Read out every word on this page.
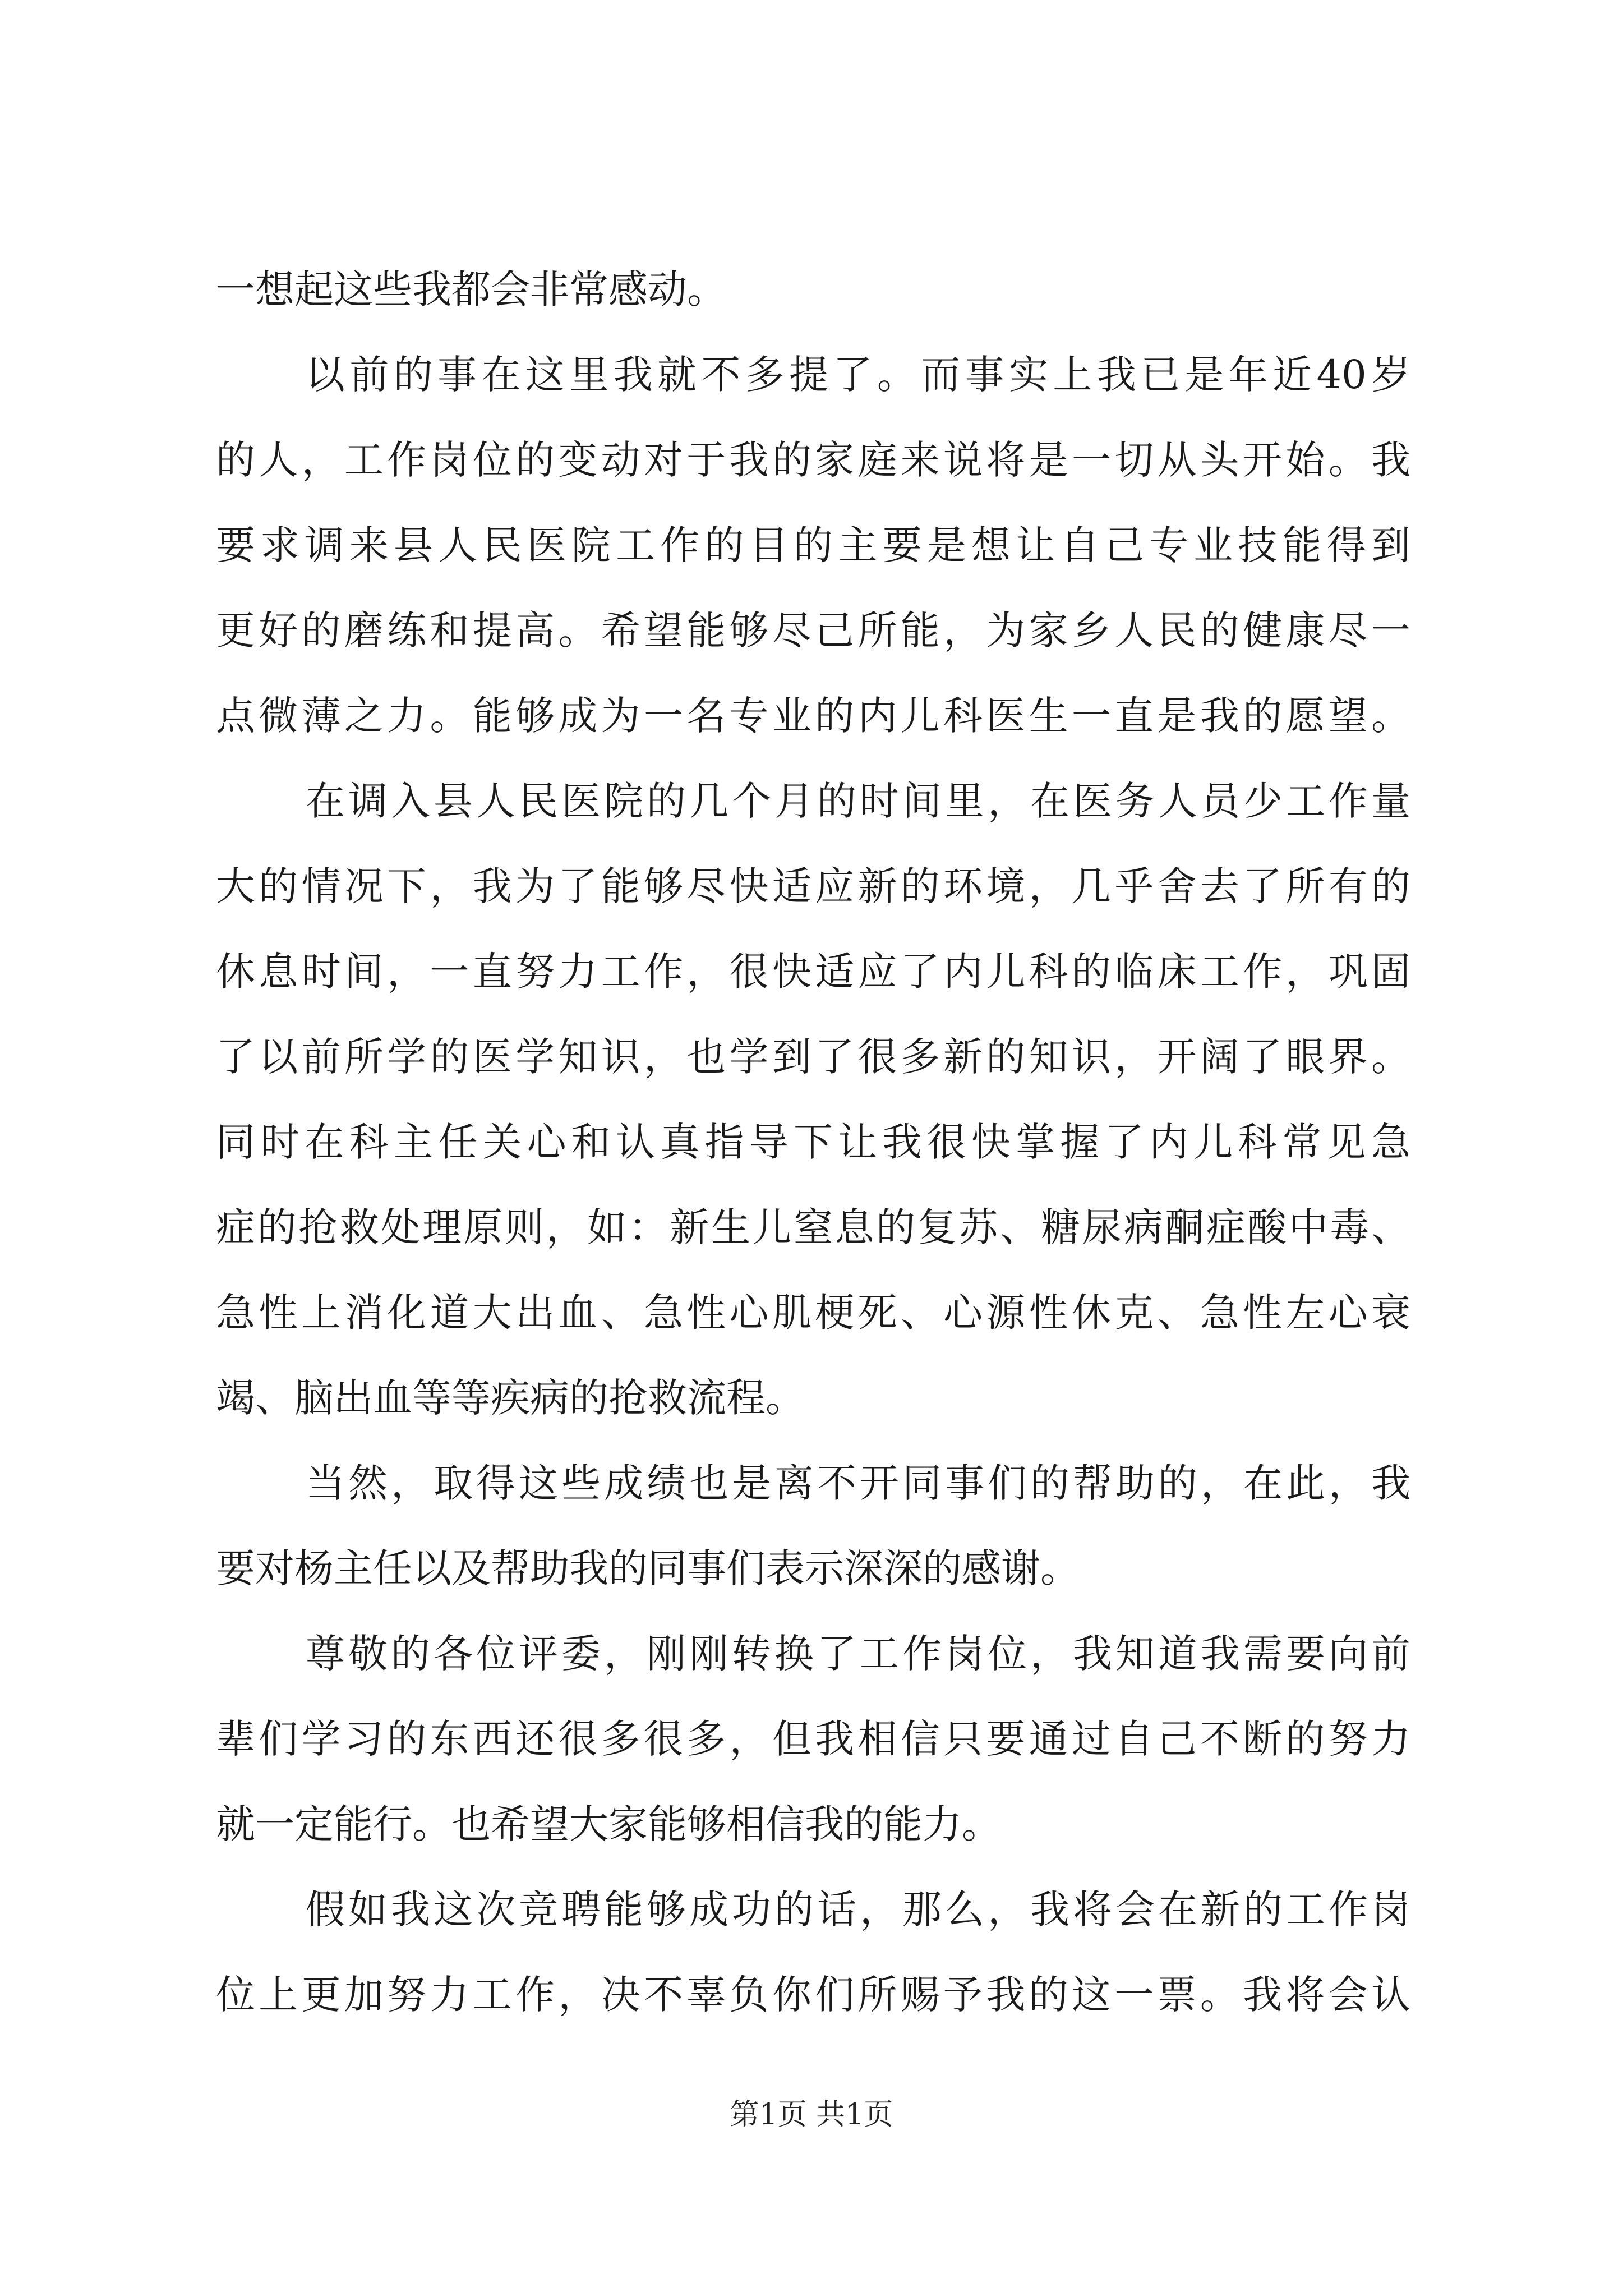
一想起这些我都会非常感动。
以前的事在这里我就不多提了。而事实上我已是年近40岁
的人，工作岗位的变动对于我的家庭来说将是一切从头开始。我
要求调来县人民医院工作的目的主要是想让自己专业技能得到
更好的磨练和提高。希望能够尽己所能，为家乡人民的健康尽一
点微薄之力。能够成为一名专业的内儿科医生一直是我的愿望。
在调入县人民医院的几个月的时间里，在医务人员少工作量
大的情况下，我为了能够尽快适应新的环境，几乎舍去了所有的
休息时间，一直努力工作，很快适应了内儿科的临床工作，巩固
了以前所学的医学知识，也学到了很多新的知识，开阔了眼界。
同时在科主任关心和认真指导下让我很快掌握了内儿科常见急
症的抢救处理原则，如：新生儿窒息的复苏、糖尿病酮症酸中毒、
急性上消化道大出血、急性心肌梗死、心源性休克、急性左心衰
竭、脑出血等等疾病的抢救流程。
当然，取得这些成绩也是离不开同事们的帮助的，在此，我
要对杨主任以及帮助我的同事们表示深深的感谢。
尊敬的各位评委，刚刚转换了工作岗位，我知道我需要向前
辈们学习的东西还很多很多，但我相信只要通过自己不断的努力
就一定能行。也希望大家能够相信我的能力。
假如我这次竞聘能够成功的话，那么，我将会在新的工作岗
位上更加努力工作，决不辜负你们所赐予我的这一票。我将会认
第1页 共1页
